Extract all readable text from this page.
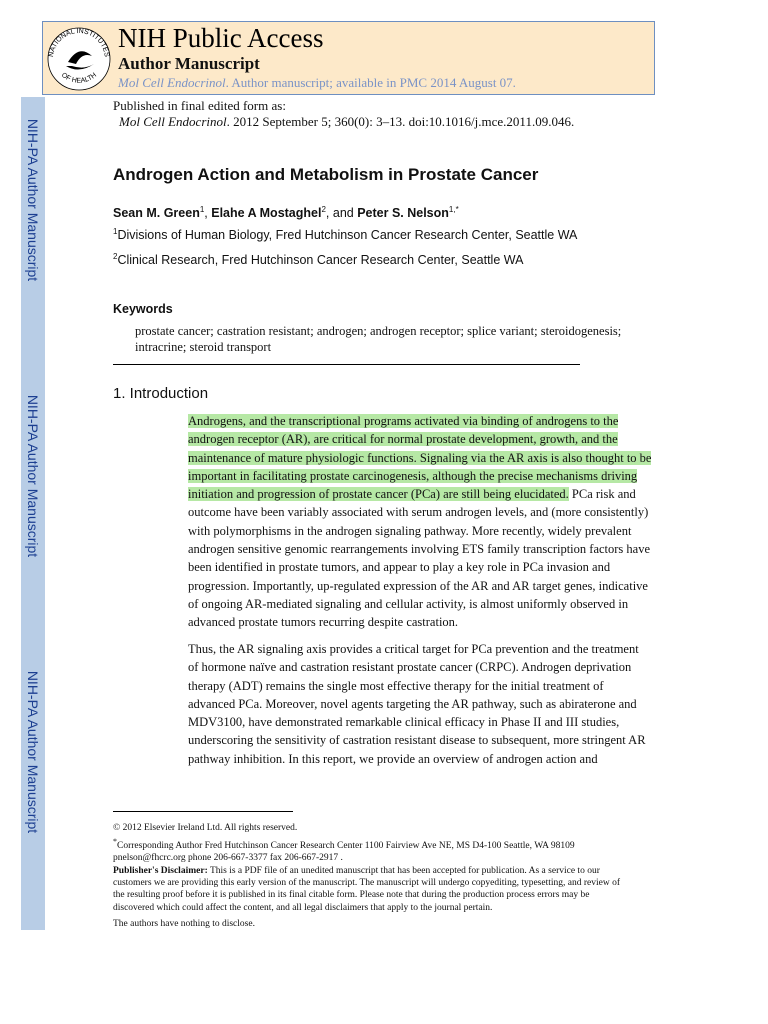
NIH-PA Author Manuscript
NIH-PA Author Manuscript
NIH-PA Author Manuscript
NATIONAL INSTITUTES
OF HEALTH
NIH Public Access
Author Manuscript
Mol Cell Endocrinol. Author manuscript; available in PMC 2014 August 07.
Published in final edited form as:
Mol Cell Endocrinol. 2012 September 5; 360(0): 3–13. doi:10.1016/j.mce.2011.09.046.
Androgen Action and Metabolism in Prostate Cancer
Sean M. Green$^1$, Elahe A Mostaghel$^2$, and Peter S. Nelson$^{1,*}$
$^1$Divisions of Human Biology, Fred Hutchinson Cancer Research Center, Seattle WA
$^2$Clinical Research, Fred Hutchinson Cancer Research Center, Seattle WA
Keywords
prostate cancer; castration resistant; androgen; androgen receptor; splice variant; steroidogenesis; intracrine; steroid transport
1. Introduction
Androgens, and the transcriptional programs activated via binding of androgens to the
androgen receptor (AR), are critical for normal prostate development, growth, and the
maintenance of mature physiologic functions. Signaling via the AR axis is also thought to be
important in facilitating prostate carcinogenesis, although the precise mechanisms driving
initiation and progression of prostate cancer (PCa) are still being elucidated. PCa risk and
outcome have been variably associated with serum androgen levels, and (more consistently)
with polymorphisms in the androgen signaling pathway. More recently, widely prevalent
androgen sensitive genomic rearrangements involving ETS family transcription factors have
been identified in prostate tumors, and appear to play a key role in PCa invasion and
progression. Importantly, up-regulated expression of the AR and AR target genes, indicative
of ongoing AR-mediated signaling and cellular activity, is almost uniformly observed in
advanced prostate tumors recurring despite castration.
Thus, the AR signaling axis provides a critical target for PCa prevention and the treatment
of hormone naïve and castration resistant prostate cancer (CRPC). Androgen deprivation
therapy (ADT) remains the single most effective therapy for the initial treatment of
advanced PCa. Moreover, novel agents targeting the AR pathway, such as abiraterone and
MDV3100, have demonstrated remarkable clinical efficacy in Phase II and III studies,
underscoring the sensitivity of castration resistant disease to subsequent, more stringent AR
pathway inhibition. In this report, we provide an overview of androgen action and
© 2012 Elsevier Ireland Ltd. All rights reserved.
*Corresponding Author Fred Hutchinson Cancer Research Center 1100 Fairview Ave NE, MS D4-100 Seattle, WA 98109
pnelson@fhcrc.org phone 206-667-3377 fax 206-667-2917 .
Publisher's Disclaimer: This is a PDF file of an unedited manuscript that has been accepted for publication. As a service to our
customers we are providing this early version of the manuscript. The manuscript will undergo copyediting, typesetting, and review of
the resulting proof before it is published in its final citable form. Please note that during the production process errors may be
discovered which could affect the content, and all legal disclaimers that apply to the journal pertain.
The authors have nothing to disclose.
